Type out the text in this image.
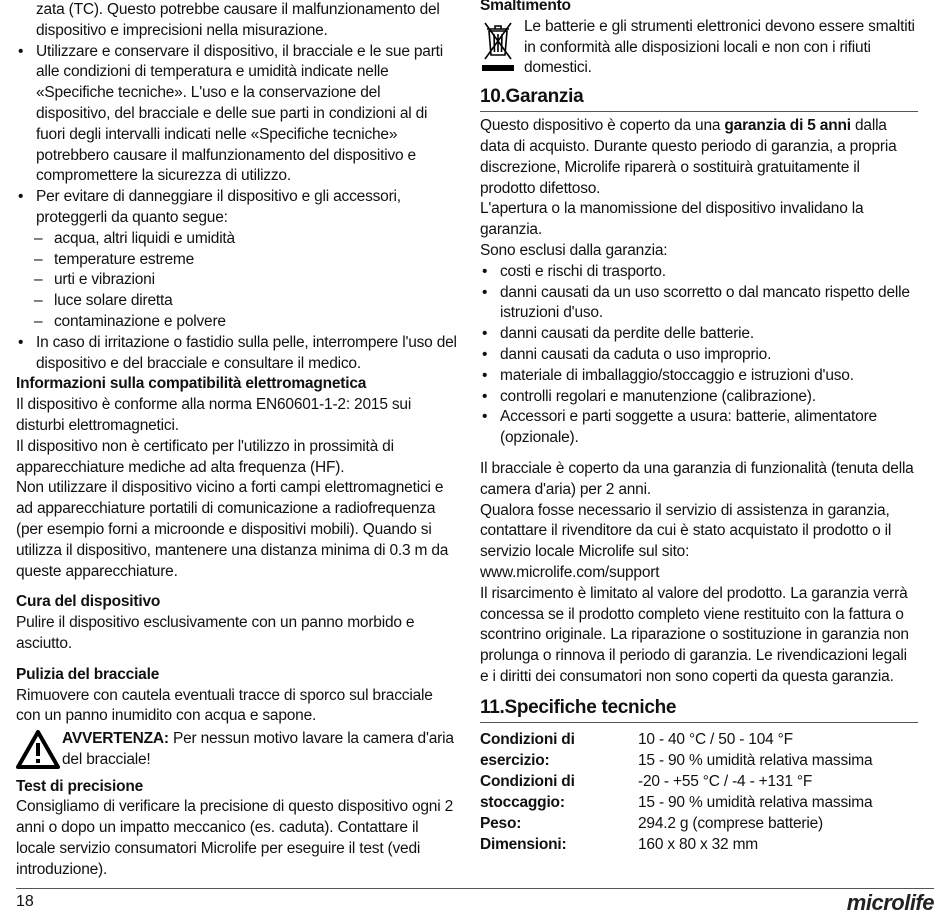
zata (TC). Questo potrebbe causare il malfunzionamento del

dispositivo e imprecisioni nella misurazione.

• Utilizzare e conservare il dispositivo, il bracciale e le sue parti alle condizioni di temperatura e umidità indicate nelle «Specifiche tecniche». L'uso e la conservazione del dispositivo, del bracciale e delle sue parti in condizioni al di fuori degli intervalli indicati nelle «Specifiche tecniche» potrebbero causare il malfunzionamento del dispositivo e compromettere la sicurezza di utilizzo.
• Per evitare di danneggiare il dispositivo e gli accessori, proteggerli da quanto segue:
– acqua, altri liquidi e umidità
– temperature estreme
– urti e vibrazioni
– luce solare diretta
– contaminazione e polvere
• In caso di irritazione o fastidio sulla pelle, interrompere l'uso del dispositivo e del bracciale e consultare il medico.

Informazioni sulla compatibilità elettromagnetica

Il dispositivo è conforme alla norma EN60601-1-2: 2015 sui disturbi elettromagnetici.

Il dispositivo non è certificato per l'utilizzo in prossimità di apparecchiature mediche ad alta frequenza (HF).

Non utilizzare il dispositivo vicino a forti campi elettromagnetici e ad apparecchiature portatili di comunicazione a radiofrequenza (per esempio forni a microonde e dispositivi mobili). Quando si utilizza il dispositivo, mantenere una distanza minima di 0.3 m da queste apparecchiature.

Cura del dispositivo

Pulire il dispositivo esclusivamente con un panno morbido e asciutto.

Pulizia del bracciale

Rimuovere con cautela eventuali tracce di sporco sul bracciale con un panno inumidito con acqua e sapone.

AVVERTENZA: Per nessun motivo lavare la camera d'aria del bracciale!

Test di precisione

Consigliamo di verificare la precisione di questo dispositivo ogni 2 anni o dopo un impatto meccanico (es. caduta). Contattare il locale servizio consumatori Microlife per eseguire il test (vedi introduzione).

Smaltimento

Le batterie e gli strumenti elettronici devono essere smaltiti in conformità alle disposizioni locali e non con i rifiuti domestici.

10.Garanzia

Questo dispositivo è coperto da una garanzia di 5 anni dalla data di acquisto. Durante questo periodo di garanzia, a propria discrezione, Microlife riparerà o sostituirà gratuitamente il prodotto difettoso.

L'apertura o la manomissione del dispositivo invalidano la garanzia.

Sono esclusi dalla garanzia:

• costi e rischi di trasporto.
• danni causati da un uso scorretto o dal mancato rispetto delle istruzioni d'uso.
• danni causati da perdite delle batterie.
• danni causati da caduta o uso improprio.
• materiale di imballaggio/stoccaggio e istruzioni d'uso.
• controlli regolari e manutenzione (calibrazione).
• Accessori e parti soggette a usura: batterie, alimentatore (opzionale).

Il bracciale è coperto da una garanzia di funzionalità (tenuta della camera d'aria) per 2 anni.

Qualora fosse necessario il servizio di assistenza in garanzia, contattare il rivenditore da cui è stato acquistato il prodotto o il servizio locale Microlife sul sito:

www.microlife.com/support

Il risarcimento è limitato al valore del prodotto. La garanzia verrà concessa se il prodotto completo viene restituito con la fattura o scontrino originale. La riparazione o sostituzione in garanzia non prolunga o rinnova il periodo di garanzia. Le rivendicazioni legali e i diritti dei consumatori non sono coperti da questa garanzia.

11.Specifiche tecniche
Condizioni di esercizio:	10 - 40 °C / 50 - 104 °F
15 - 90 % umidità relativa massima
Condizioni di stoccaggio:	-20 - +55 °C / -4 - +131 °F
15 - 90 % umidità relativa massima
Peso:	294.2 g (comprese batterie)
Dimensioni:	160 x 80 x 32 mm
18	microlife
